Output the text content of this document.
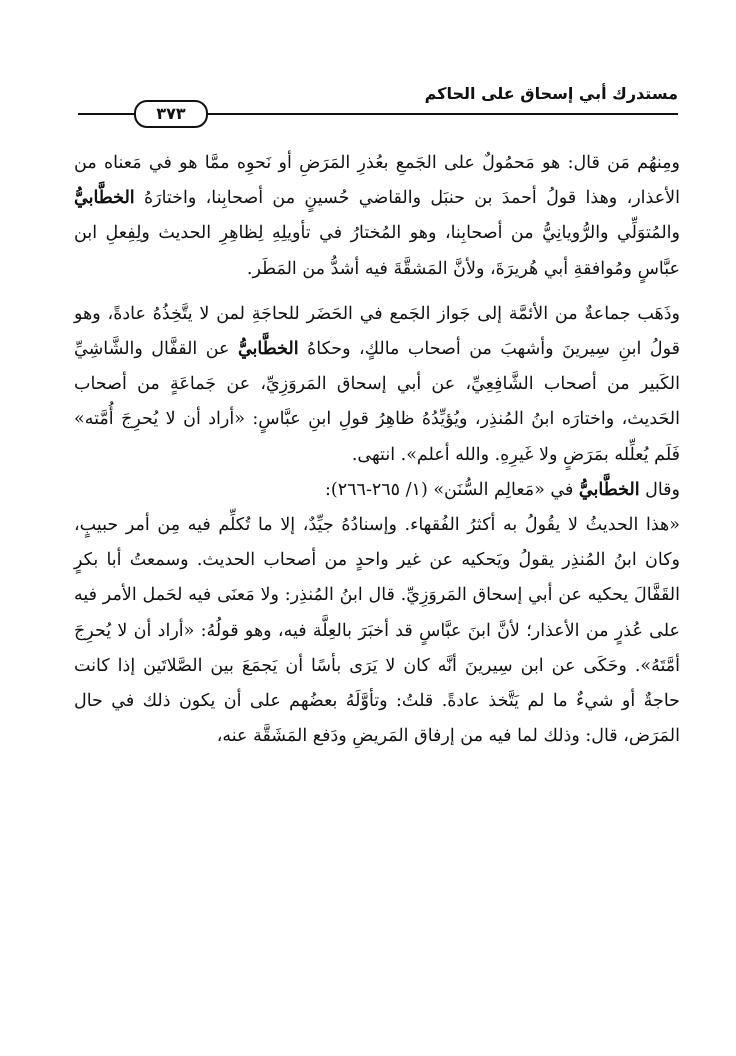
مستدرك أبي إسحاق على الحاكم
٣٧٣

ومِنهُم مَن قال: هو مَحمُولٌ على الجَمعِ بعُذرِ المَرَضِ أو نَحوِه ممَّا هو في مَعناه من الأعذار، وهذا قولُ أحمدَ بن حنبَل والقاضي حُسينٍ من أصحابِنا، واختارَهُ الخطَّابيُّ والمُتوَلِّي والرُّويانِيُّ من أصحابِنا، وهو المُختارُ في تأويلِهِ لِظاهِرِ الحديث ولِفِعلِ ابن عبَّاسٍ ومُوافقةِ أبي هُريرَةَ، ولأنَّ المَشقَّةَ فيه أشدُّ من المَطَر.

وذَهَب جماعةٌ من الأئمَّة إلى جَواز الجَمع في الحَضَر للحاجَةِ لمن لا يتَّخِذُهُ عادةً، وهو قولُ ابنِ سِيرينَ وأشهبَ من أصحاب مالكٍ، وحكاهُ الخطَّابيُّ عن القفَّال والشَّاشِيِّ الكَبير من أصحاب الشَّافِعِيِّ، عن أبي إسحاق المَروَزِيِّ، عن جَماعَةٍ من أصحاب الحَديث، واختارَه ابنُ المُنذِر، ويُؤيِّدُهُ ظاهِرُ قولِ ابنِ عبَّاسٍ: «أراد أن لا يُحرِجَ أُمَّته» فَلَم يُعلِّله بمَرَضٍ ولا غَيرِهِ. والله أعلم». انتهى.

وقال الخطَّابيُّ في «مَعالِم السُّنَن» (١/ ٢٦٥-٢٦٦):

«هذا الحديثُ لا يقُولُ به أكثرُ الفُقهاء. وإسنادُهُ جيِّدٌ، إلا ما تُكلِّم فيه مِن أمر حبيبٍ، وكان ابنُ المُنذِر يقولُ ويَحكيه عن غير واحدٍ من أصحاب الحديث. وسمعتُ أبا بكرٍ القَفَّالَ يحكيه عن أبي إسحاق المَروَزِيِّ. قال ابنُ المُنذِر: ولا مَعنَى فيه لحَمل الأمر فيه على عُذرٍ من الأعذار؛ لأنَّ ابنَ عبَّاسٍ قد أخبَرَ بالعِلَّة فيه، وهو قولُهُ: «أراد أن لا يُحرِجَ أمَّتَهُ». وحَكَى عن ابن سِيرينَ أنَّه كان لا يَرَى بأسًا أن يَجمَعَ بين الصَّلاتَين إذا كانت حاجةٌ أو شيءٌ ما لم يَتَّخذ عادةً. قلتُ: وتأوَّلَهُ بعضُهم على أن يكون ذلك في حال المَرَض، قال: وذلك لما فيه من إرفاق المَريضِ ودَفع المَشَقَّة عنه،
